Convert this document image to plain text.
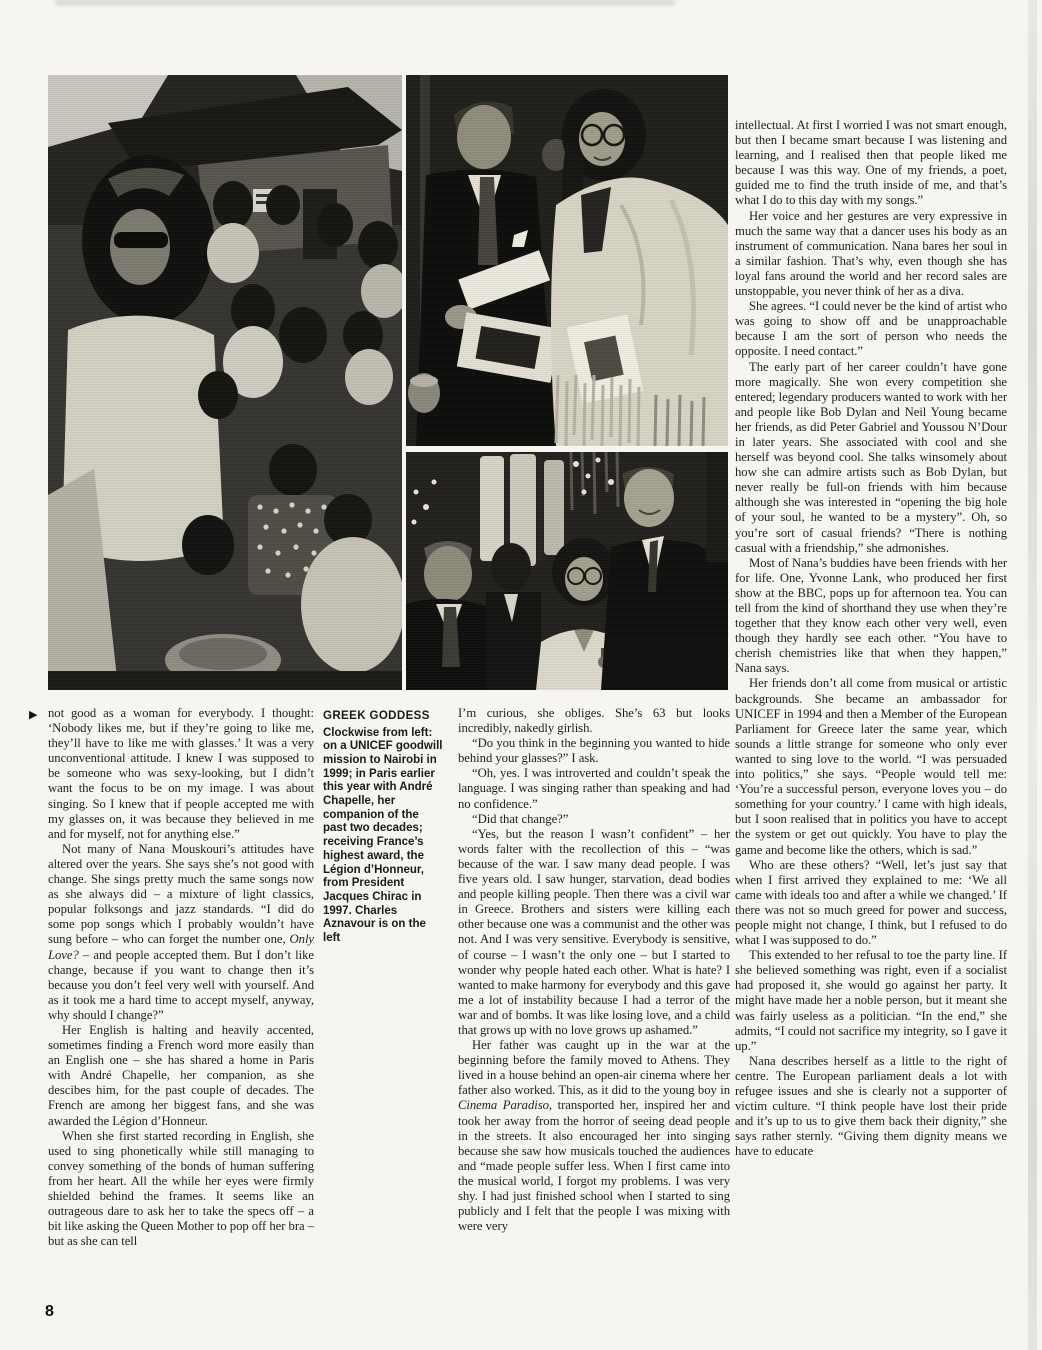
▶ not good as a woman for everybody. I thought: ‘Nobody likes me, but if they’re going to like me, they’ll have to like me with glasses.’ It was a very unconventional attitude. I knew I was supposed to be someone who was sexy-looking, but I didn’t want the focus to be on my image. I was about singing. So I knew that if people accepted me with my glasses on, it was because they believed in me and for myself, not for anything else.”

Not many of Nana Mouskouri’s attitudes have altered over the years. She says she’s not good with change. She sings pretty much the same songs now as she always did – a mixture of light classics, popular folksongs and jazz standards. “I did do some pop songs which I probably wouldn’t have sung before – who can forget the number one, Only Love? – and people accepted them. But I don’t like change, because if you want to change then it’s because you don’t feel very well with yourself. And as it took me a hard time to accept myself, anyway, why should I change?”

Her English is halting and heavily accented, sometimes finding a French word more easily than an English one – she has shared a home in Paris with André Chapelle, her companion, as she descibes him, for the past couple of decades. The French are among her biggest fans, and she was awarded the Légion d’Honneur.

When she first started recording in English, she used to sing phonetically while still managing to convey something of the bonds of human suffering from her heart. All the while her eyes were firmly shielded behind the frames. It seems like an outrageous dare to ask her to take the specs off – a bit like asking the Queen Mother to pop off her bra – but as she can tell

GREEK GODDESS

Clockwise from left: on a UNICEF goodwill mission to Nairobi in 1999; in Paris earlier this year with André Chapelle, her companion of the past two decades; receiving France’s highest award, the Légion d’Honneur, from President Jacques Chirac in 1997. Charles Aznavour is on the left

I’m curious, she obliges. She’s 63 but looks incredibly, nakedly girlish.

“Do you think in the beginning you wanted to hide behind your glasses?” I ask.

“Oh, yes. I was introverted and couldn’t speak the language. I was singing rather than speaking and had no confidence.”

“Did that change?”

“Yes, but the reason I wasn’t confident” – her words falter with the recollection of this – “was because of the war. I saw many dead people. I was five years old. I saw hunger, starvation, dead bodies and people killing people. Then there was a civil war in Greece. Brothers and sisters were killing each other because one was a communist and the other was not. And I was very sensitive. Everybody is sensitive, of course – I wasn’t the only one – but I started to wonder why people hated each other. What is hate? I wanted to make harmony for everybody and this gave me a lot of instability because I had a terror of the war and of bombs. It was like losing love, and a child that grows up with no love grows up ashamed.”

Her father was caught up in the war at the beginning before the family moved to Athens. They lived in a house behind an open-air cinema where her father also worked. This, as it did to the young boy in Cinema Paradiso, transported her, inspired her and took her away from the horror of seeing dead people in the streets. It also encouraged her into singing because she saw how musicals touched the audiences and “made people suffer less. When I first came into the musical world, I forgot my problems. I was very shy. I had just finished school when I started to sing publicly and I felt that the people I was mixing with were very

intellectual. At first I worried I was not smart enough, but then I became smart because I was listening and learning, and I realised then that people liked me because I was this way. One of my friends, a poet, guided me to find the truth inside of me, and that’s what I do to this day with my songs.”

Her voice and her gestures are very expressive in much the same way that a dancer uses his body as an instrument of communication. Nana bares her soul in a similar fashion. That’s why, even though she has loyal fans around the world and her record sales are unstoppable, you never think of her as a diva.

She agrees. “I could never be the kind of artist who was going to show off and be unapproachable because I am the sort of person who needs the opposite. I need contact.”

The early part of her career couldn’t have gone more magically. She won every competition she entered; legendary producers wanted to work with her and people like Bob Dylan and Neil Young became her friends, as did Peter Gabriel and Youssou N’Dour in later years. She associated with cool and she herself was beyond cool. She talks winsomely about how she can admire artists such as Bob Dylan, but never really be full-on friends with him because although she was interested in “opening the big hole of your soul, he wanted to be a mystery”. Oh, so you’re sort of casual friends? “There is nothing casual with a friendship,” she admonishes.

Most of Nana’s buddies have been friends with her for life. One, Yvonne Lank, who produced her first show at the BBC, pops up for afternoon tea. You can tell from the kind of shorthand they use when they’re together that they know each other very well, even though they hardly see each other. “You have to cherish chemistries like that when they happen,” Nana says.

Her friends don’t all come from musical or artistic backgrounds. She became an ambassador for UNICEF in 1994 and then a Member of the European Parliament for Greece later the same year, which sounds a little strange for someone who only ever wanted to sing love to the world. “I was persuaded into politics,” she says. “People would tell me: ‘You’re a successful person, everyone loves you – do something for your country.’ I came with high ideals, but I soon realised that in politics you have to accept the system or get out quickly. You have to play the game and become like the others, which is sad.”

Who are these others? “Well, let’s just say that when I first arrived they explained to me: ‘We all came with ideals too and after a while we changed.’ If there was not so much greed for power and success, people might not change, I think, but I refused to do what I was supposed to do.”

This extended to her refusal to toe the party line. If she believed something was right, even if a socialist had proposed it, she would go against her party. It might have made her a noble person, but it meant she was fairly useless as a politician. “In the end,” she admits, “I could not sacrifice my integrity, so I gave it up.”

Nana describes herself as a little to the right of centre. The European parliament deals a lot with refugee issues and she is clearly not a supporter of victim culture. “I think people have lost their pride and it’s up to us to give them back their dignity,” she says rather sternly. “Giving them dignity means we have to educate

8
